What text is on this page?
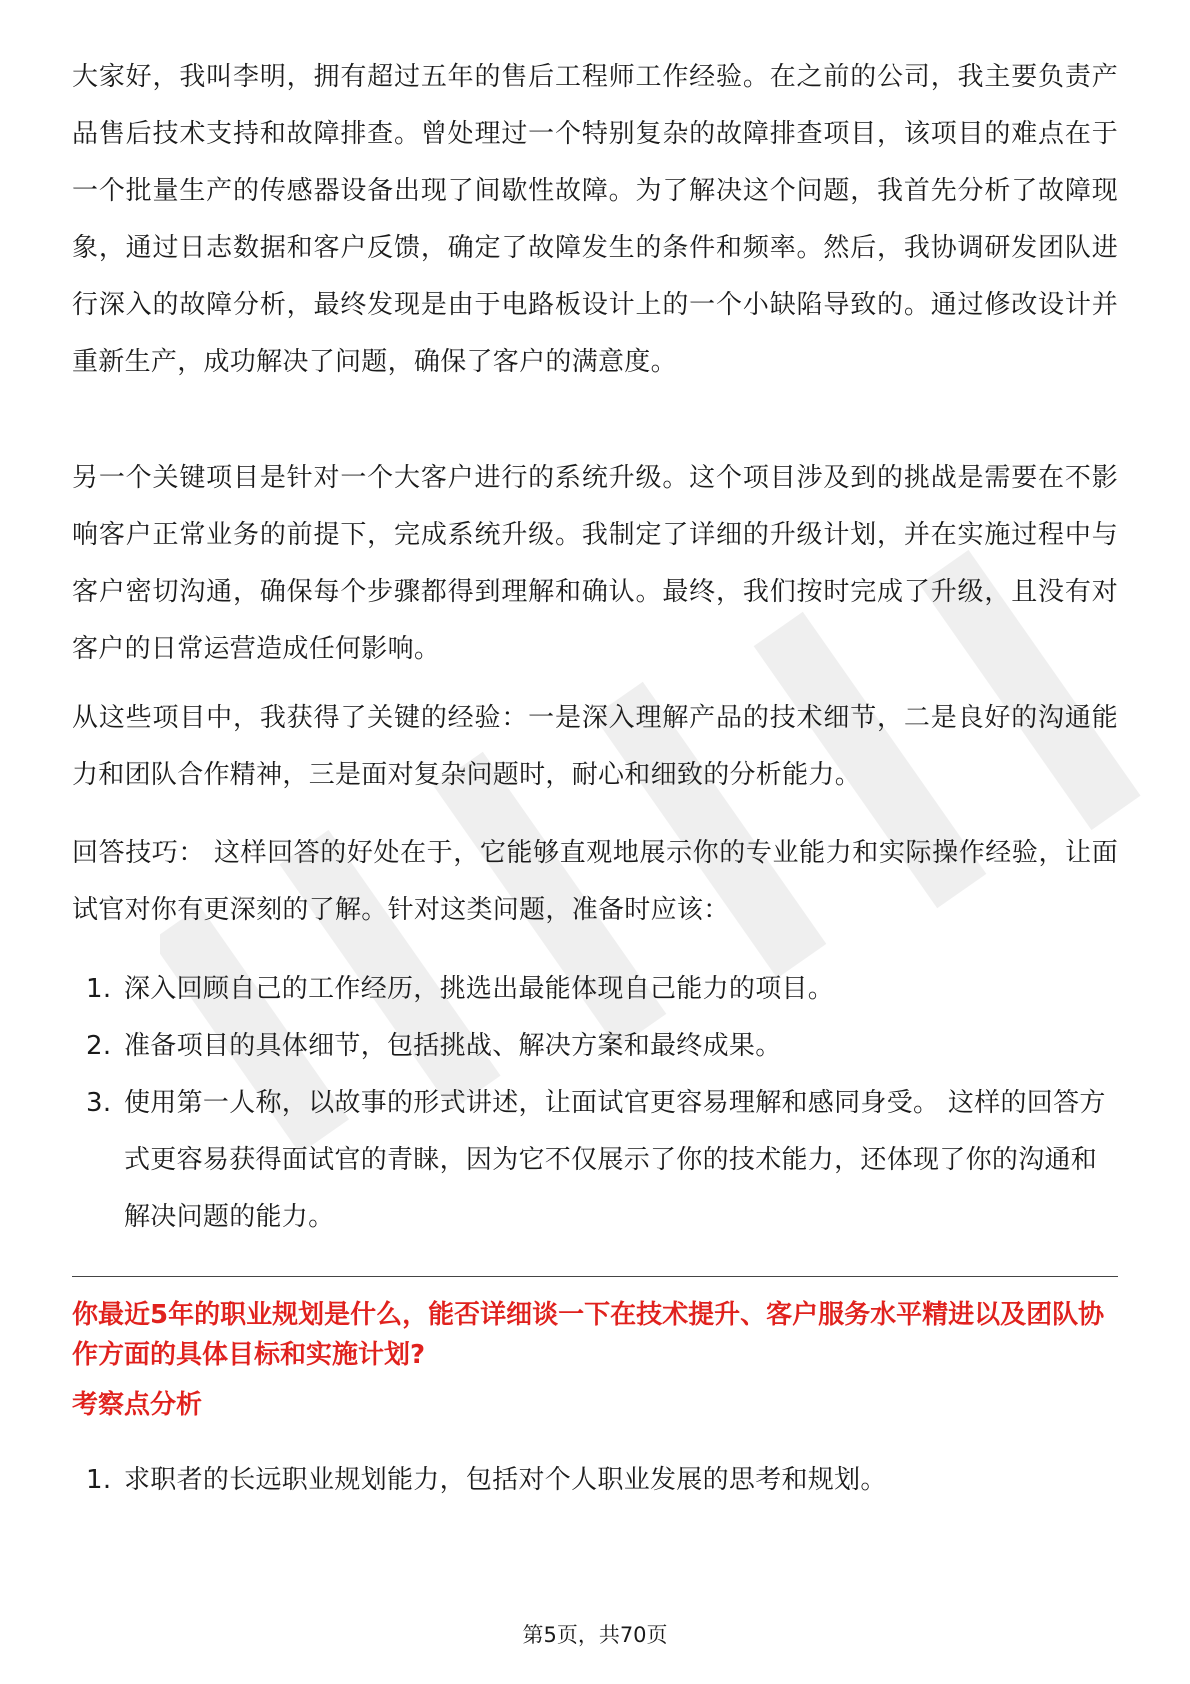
大家好，我叫李明，拥有超过五年的售后工程师工作经验。在之前的公司，我主要负责产品售后技术支持和故障排查。曾处理过一个特别复杂的故障排查项目，该项目的难点在于一个批量生产的传感器设备出现了间歇性故障。为了解决这个问题，我首先分析了故障现象，通过日志数据和客户反馈，确定了故障发生的条件和频率。然后，我协调研发团队进行深入的故障分析，最终发现是由于电路板设计上的一个小缺陷导致的。通过修改设计并重新生产，成功解决了问题，确保了客户的满意度。

另一个关键项目是针对一个大客户进行的系统升级。这个项目涉及到的挑战是需要在不影响客户正常业务的前提下，完成系统升级。我制定了详细的升级计划，并在实施过程中与客户密切沟通，确保每个步骤都得到理解和确认。最终，我们按时完成了升级，且没有对客户的日常运营造成任何影响。

从这些项目中，我获得了关键的经验：一是深入理解产品的技术细节，二是良好的沟通能力和团队合作精神，三是面对复杂问题时，耐心和细致的分析能力。

回答技巧： 这样回答的好处在于，它能够直观地展示你的专业能力和实际操作经验，让面试官对你有更深刻的了解。针对这类问题，准备时应该：

1. 深入回顾自己的工作经历，挑选出最能体现自己能力的项目。
2. 准备项目的具体细节，包括挑战、解决方案和最终成果。
3. 使用第一人称，以故事的形式讲述，让面试官更容易理解和感同身受。 这样的回答方式更容易获得面试官的青睐，因为它不仅展示了你的技术能力，还体现了你的沟通和解决问题的能力。

你最近5年的职业规划是什么，能否详细谈一下在技术提升、客户服务水平精进以及团队协作方面的具体目标和实施计划?

考察点分析

1. 求职者的长远职业规划能力，包括对个人职业发展的思考和规划。
第5页，共70页
